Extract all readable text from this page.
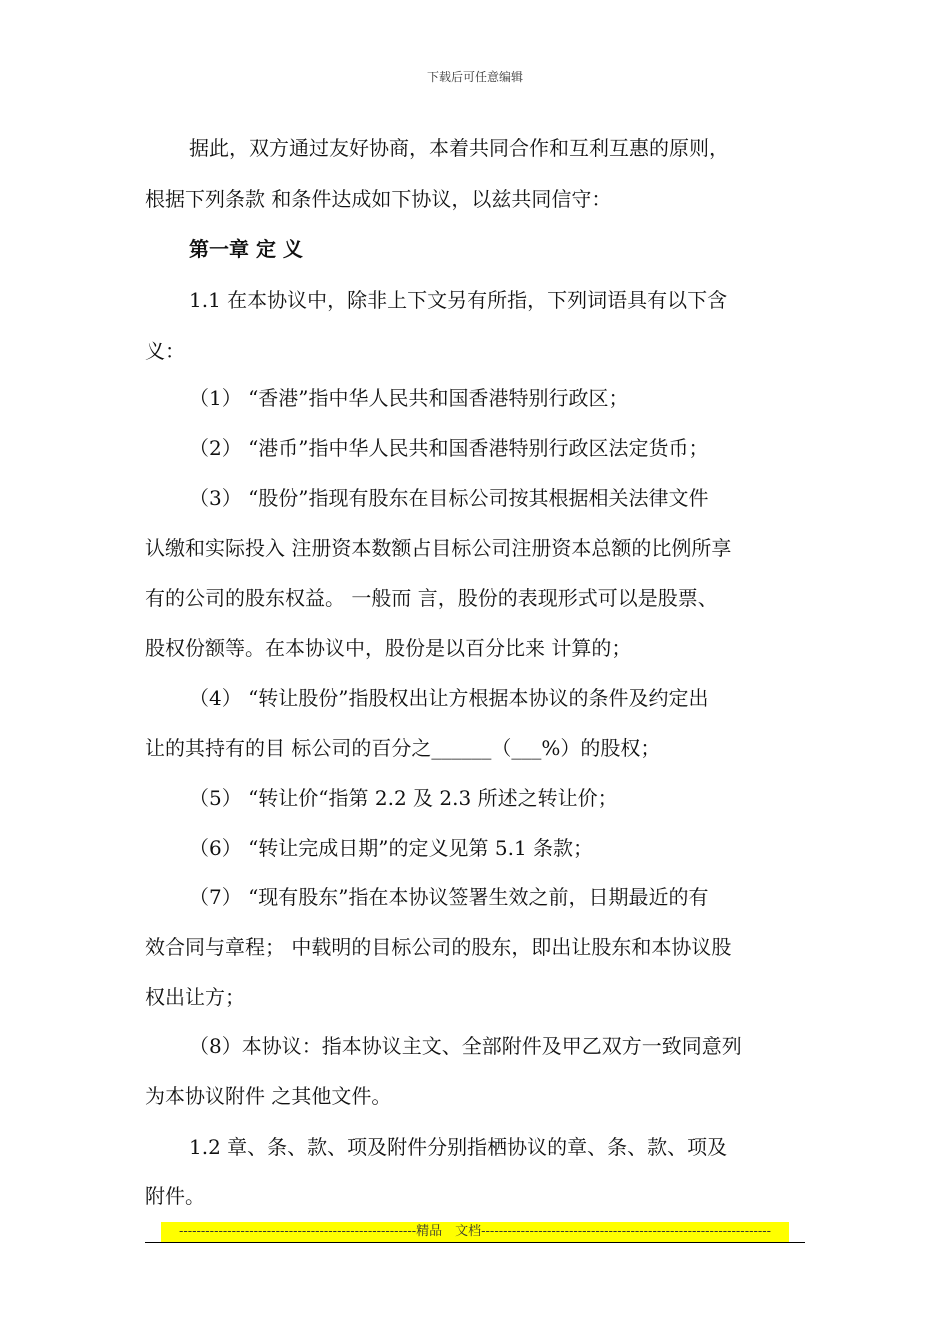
下载后可任意编辑
据此，双方通过友好协商，本着共同合作和互利互惠的原则，
根据下列条款 和条件达成如下协议，以兹共同信守：
第一章 定 义
1.1 在本协议中，除非上下文另有所指，下列词语具有以下含
义：
（1） “香港”指中华人民共和国香港特别行政区；
（2） “港币”指中华人民共和国香港特别行政区法定货币；
（3） “股份”指现有股东在目标公司按其根据相关法律文件
认缴和实际投入 注册资本数额占目标公司注册资本总额的比例所享
有的公司的股东权益。 一般而 言，股份的表现形式可以是股票、
股权份额等。在本协议中，股份是以百分比来 计算的；
（4） “转让股份”指股权出让方根据本协议的条件及约定出
让的其持有的目 标公司的百分之______（___%）的股权；
（5） “转让价“指第 2.2 及 2.3 所述之转让价；
（6） “转让完成日期”的定义见第 5.1 条款；
（7） “现有股东”指在本协议签署生效之前，日期最近的有
效合同与章程； 中载明的目标公司的股东，即出让股东和本协议股
权出让方；
（8）本协议：指本协议主文、全部附件及甲乙双方一致同意列
为本协议附件 之其他文件。
1.2 章、条、款、项及附件分别指栖协议的章、条、款、项及
附件。
------------------------------------------------------精品　文档------------------------------------------------------------------
